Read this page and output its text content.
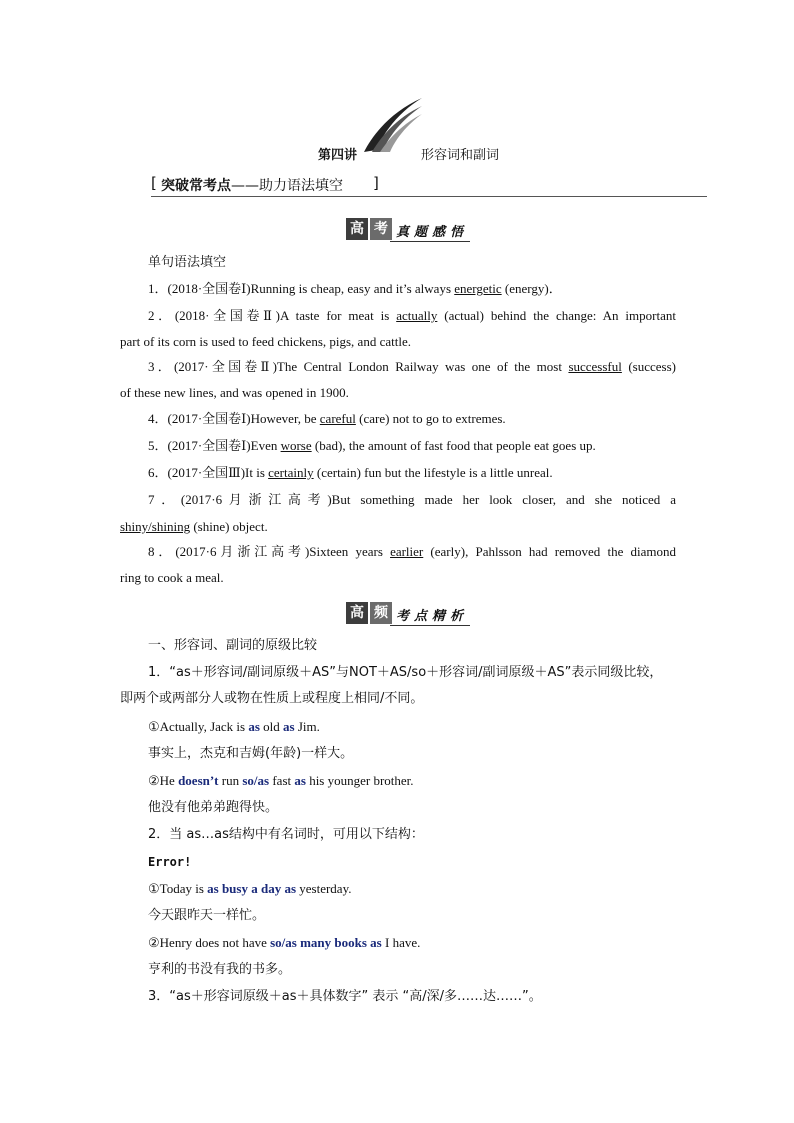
第四讲	形容词和副词
[ 突破常考点——助力语法填空 ]
高 考 真题感悟
单句语法填空
1．(2018·全国卷Ⅰ)Running is cheap, easy and it’s always energetic (energy)．
2．(2018·全国卷Ⅱ)A taste for meat is actually (actual) behind the change: An important
part of its corn is used to feed chickens, pigs, and cattle.
3．(2017·全国卷Ⅱ)The Central London Railway was one of the most successful (success)
of these new lines, and was opened in 1900.
4．(2017·全国卷Ⅰ)However, be careful (care) not to go to extremes.
5．(2017·全国卷Ⅰ)Even worse (bad), the amount of fast food that people eat goes up.
6．(2017·全国Ⅲ)It is certainly (certain) fun but the lifestyle is a little unreal.
7．(2017·6月浙江高考)But something made her look closer, and she noticed a
shiny/shining (shine) object.
8．(2017·6月浙江高考)Sixteen years earlier (early), Pahlsson had removed the diamond
ring to cook a meal.
高 频 考点精析
一、形容词、副词的原级比较
1．“as＋形容词/副词原级＋AS”与NOT＋AS/so＋形容词/副词原级＋AS”表示同级比较，
即两个或两部分人或物在性质上或程度上相同/不同。
①Actually, Jack is as old as Jim.
事实上，杰克和吉姆(年龄)一样大。
②He doesn’t run so/as fast as his younger brother.
他没有他弟弟跑得快。
2．当 as…as结构中有名词时，可用以下结构：
Error!
①Today is as busy a day as yesterday.
今天跟昨天一样忙。
②Henry does not have so/as many books as I have.
亨利的书没有我的书多。
3．“as＋形容词原级＋as＋具体数字” 表示 “高/深/多……达……”。
